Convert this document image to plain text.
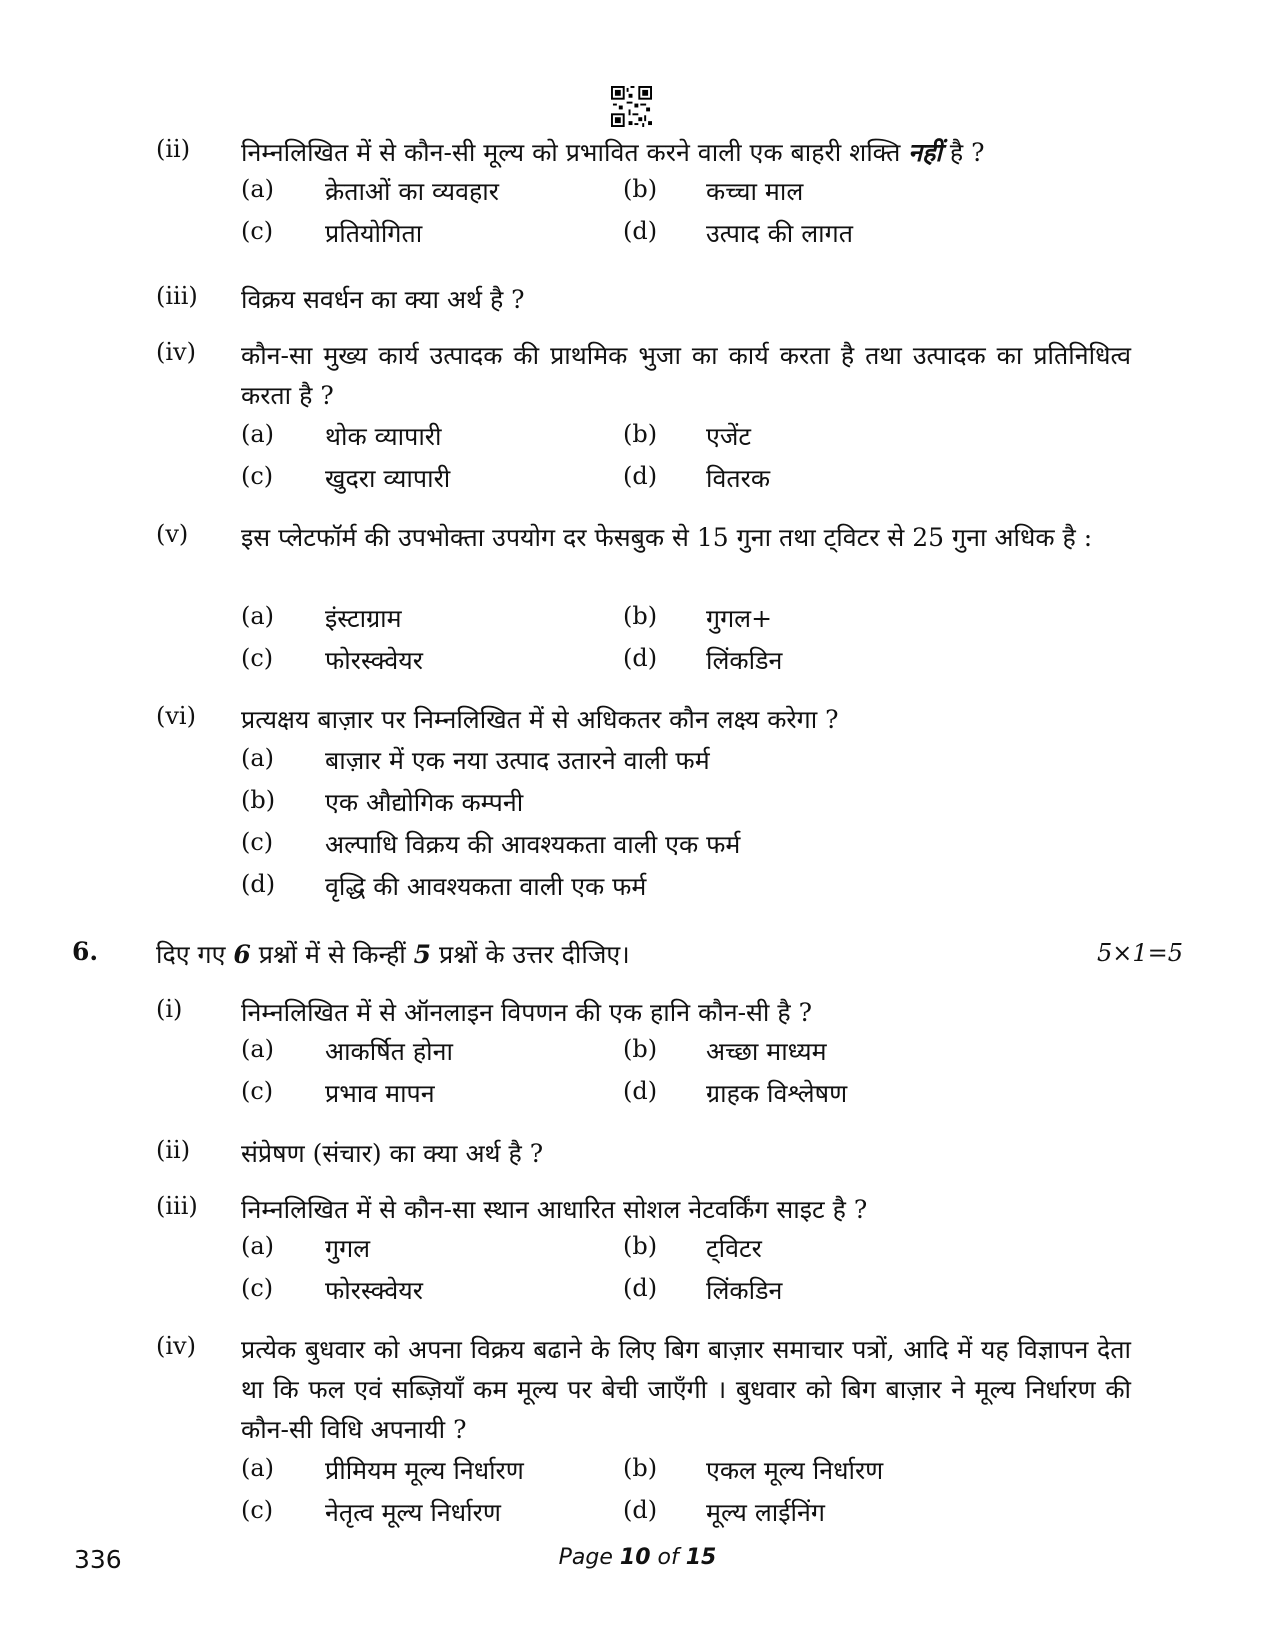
(ii) निम्नलिखित में से कौन-सी मूल्य को प्रभावित करने वाली एक बाहरी शक्ति नहीं है ?
(a) क्रेताओं का व्यवहार	(b) कच्चा माल
(c) प्रतियोगिता	(d) उत्पाद की लागत
(iii) विक्रय सवर्धन का क्या अर्थ है ?
(iv) कौन-सा मुख्य कार्य उत्पादक की प्राथमिक भुजा का कार्य करता है तथा उत्पादक का प्रतिनिधित्व करता है ?
(a) थोक व्यापारी	(b) एजेंट
(c) खुदरा व्यापारी	(d) वितरक
(v) इस प्लेटफॉर्म की उपभोक्ता उपयोग दर फेसबुक से 15 गुना तथा ट्विटर से 25 गुना अधिक है :
(a) इंस्टाग्राम	(b) गुगल+
(c) फोरस्क्वेयर	(d) लिंकडिन
(vi) प्रत्यक्षय बाज़ार पर निम्नलिखित में से अधिकतर कौन लक्ष्य करेगा ?
(a) बाज़ार में एक नया उत्पाद उतारने वाली फर्म
(b) एक औद्योगिक कम्पनी
(c) अल्पाधि विक्रय की आवश्यकता वाली एक फर्म
(d) वृद्धि की आवश्यकता वाली एक फर्म
6. दिए गए 6 प्रश्नों में से किन्हीं 5 प्रश्नों के उत्तर दीजिए।	5×1=5
(i) निम्नलिखित में से ऑनलाइन विपणन की एक हानि कौन-सी है ?
(a) आकर्षित होना	(b) अच्छा माध्यम
(c) प्रभाव मापन	(d) ग्राहक विश्लेषण
(ii) संप्रेषण (संचार) का क्या अर्थ है ?
(iii) निम्नलिखित में से कौन-सा स्थान आधारित सोशल नेटवर्किंग साइट है ?
(a) गुगल	(b) ट्विटर
(c) फोरस्क्वेयर	(d) लिंकडिन
(iv) प्रत्येक बुधवार को अपना विक्रय बढाने के लिए बिग बाज़ार समाचार पत्रों, आदि में यह विज्ञापन देता था कि फल एवं सब्ज़ियाँ कम मूल्य पर बेची जाएँगी । बुधवार को बिग बाज़ार ने मूल्य निर्धारण की कौन-सी विधि अपनायी ?
(a) प्रीमियम मूल्य निर्धारण	(b) एकल मूल्य निर्धारण
(c) नेतृत्व मूल्य निर्धारण	(d) मूल्य लाईनिंग
336	Page 10 of 15
